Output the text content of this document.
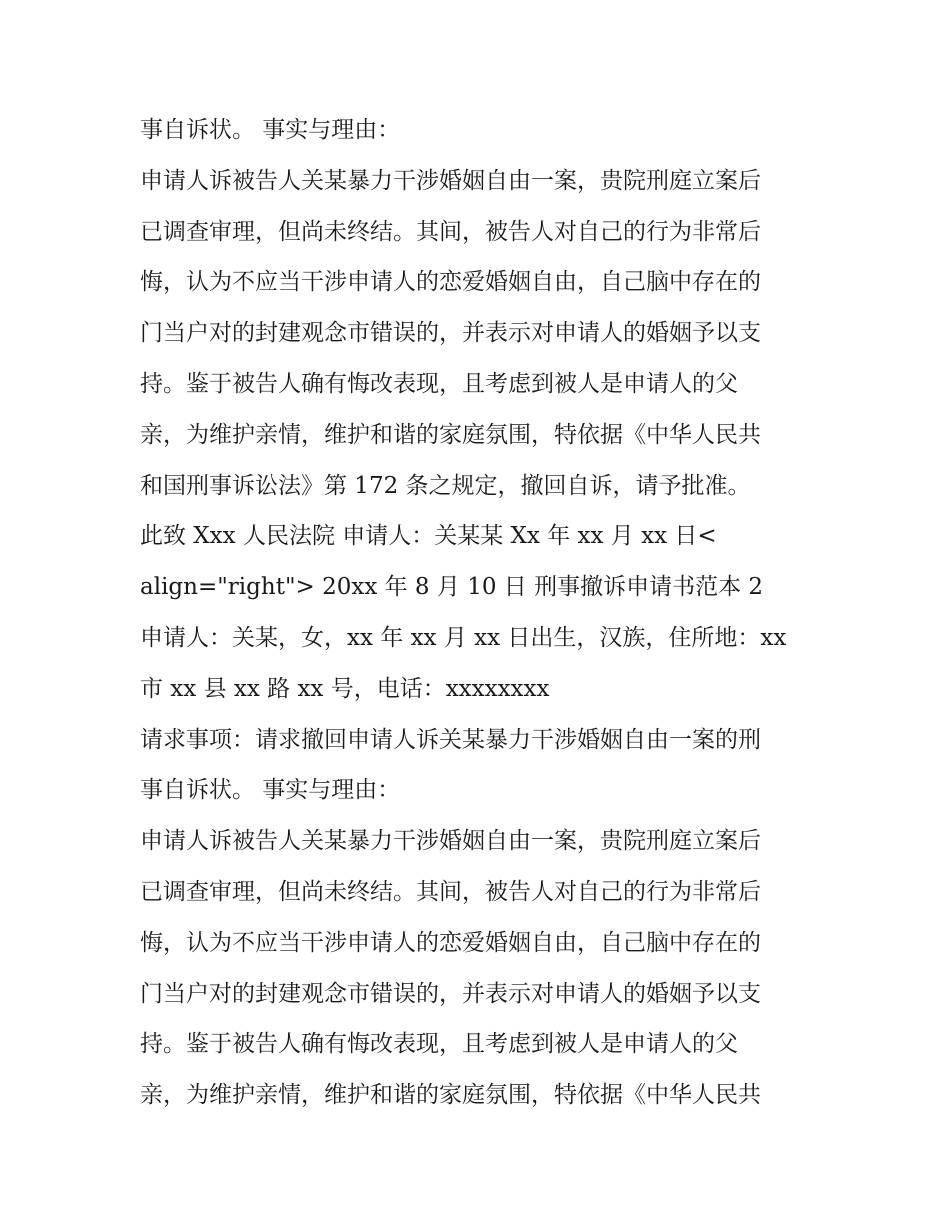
事自诉状。 事实与理由：
申请人诉被告人关某暴力干涉婚姻自由一案，贵院刑庭立案后
已调查审理，但尚未终结。其间，被告人对自己的行为非常后
悔，认为不应当干涉申请人的恋爱婚姻自由，自己脑中存在的
门当户对的封建观念市错误的，并表示对申请人的婚姻予以支
持。鉴于被告人确有悔改表现，且考虑到被人是申请人的父
亲，为维护亲情，维护和谐的家庭氛围，特依据《中华人民共
和国刑事诉讼法》第 172 条之规定，撤回自诉，请予批准。
此致 Xxx 人民法院 申请人：关某某 Xx 年 xx 月 xx 日<
align="right"> 20xx 年 8 月 10 日 刑事撤诉申请书范本 2
申请人：关某，女，xx 年 xx 月 xx 日出生，汉族，住所地：xx
市 xx 县 xx 路 xx 号，电话：xxxxxxxx
请求事项：请求撤回申请人诉关某暴力干涉婚姻自由一案的刑
事自诉状。 事实与理由：
申请人诉被告人关某暴力干涉婚姻自由一案，贵院刑庭立案后
已调查审理，但尚未终结。其间，被告人对自己的行为非常后
悔，认为不应当干涉申请人的恋爱婚姻自由，自己脑中存在的
门当户对的封建观念市错误的，并表示对申请人的婚姻予以支
持。鉴于被告人确有悔改表现，且考虑到被人是申请人的父
亲，为维护亲情，维护和谐的家庭氛围，特依据《中华人民共
